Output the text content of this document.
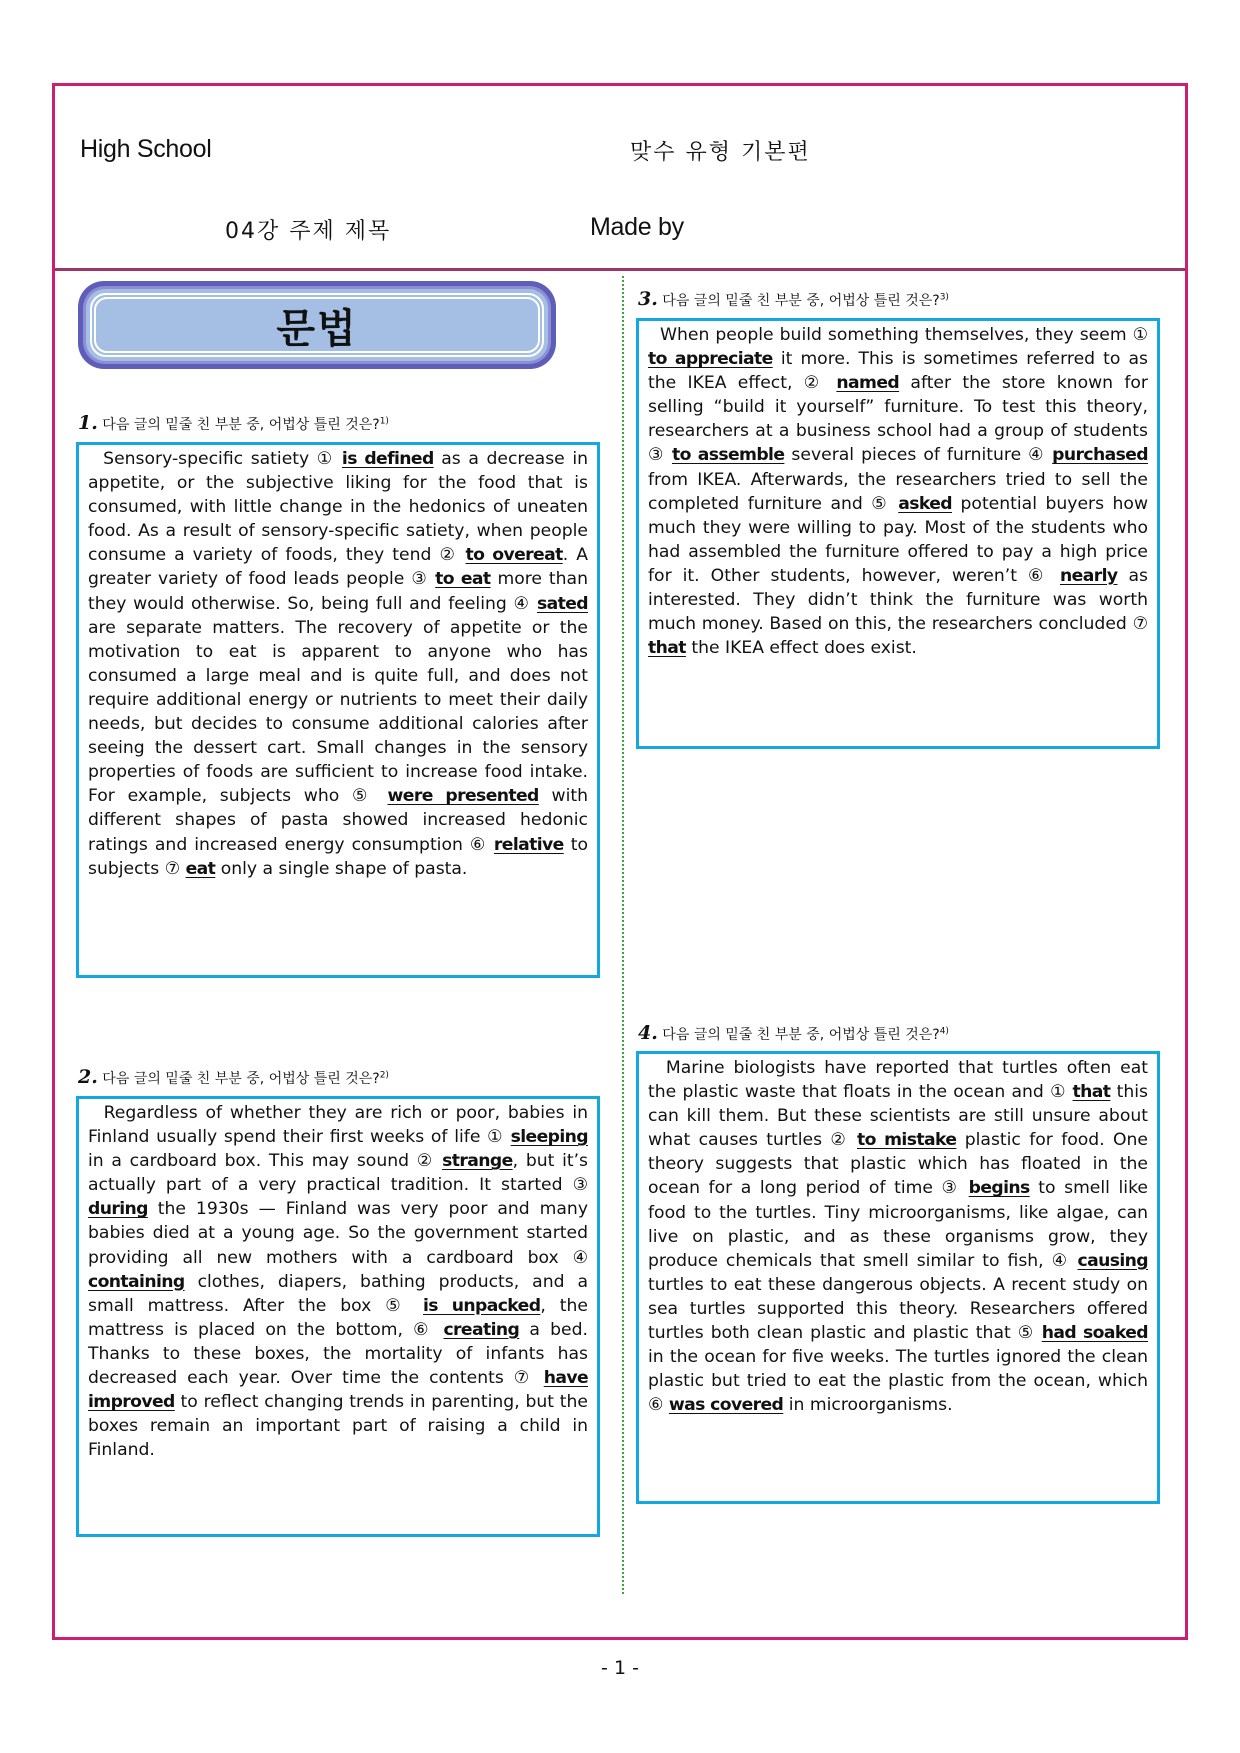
High School	맞수 유형 기본편
04강 주제 제목	Made by
문법
1. 다음 글의 밑줄 친 부분 중, 어법상 틀린 것은?$^{1)}$

Sensory-specific satiety ① is defined as a decrease in appetite, or the subjective liking for the food that is consumed, with little change in the hedonics of uneaten food. As a result of sensory-specific satiety, when people consume a variety of foods, they tend ② to overeat. A greater variety of food leads people ③ to eat more than they would otherwise. So, being full and feeling ④ sated are separate matters. The recovery of appetite or the motivation to eat is apparent to anyone who has consumed a large meal and is quite full, and does not require additional energy or nutrients to meet their daily needs, but decides to consume additional calories after seeing the dessert cart. Small changes in the sensory properties of foods are sufficient to increase food intake. For example, subjects who ⑤ were presented with different shapes of pasta showed increased hedonic ratings and increased energy consumption ⑥ relative to subjects ⑦ eat only a single shape of pasta.

2. 다음 글의 밑줄 친 부분 중, 어법상 틀린 것은?$^{2)}$

Regardless of whether they are rich or poor, babies in Finland usually spend their first weeks of life ① sleeping in a cardboard box. This may sound ② strange, but it’s actually part of a very practical tradition. It started ③ during the 1930s — Finland was very poor and many babies died at a young age. So the government started providing all new mothers with a cardboard box ④ containing clothes, diapers, bathing products, and a small mattress. After the box ⑤ is unpacked, the mattress is placed on the bottom, ⑥ creating a bed. Thanks to these boxes, the mortality of infants has decreased each year. Over time the contents ⑦ have improved to reflect changing trends in parenting, but the boxes remain an important part of raising a child in Finland.

3. 다음 글의 밑줄 친 부분 중, 어법상 틀린 것은?$^{3)}$

When people build something themselves, they seem ① to appreciate it more. This is sometimes referred to as the IKEA effect, ② named after the store known for selling “build it yourself” furniture. To test this theory, researchers at a business school had a group of students ③ to assemble several pieces of furniture ④ purchased from IKEA. Afterwards, the researchers tried to sell the completed furniture and ⑤ asked potential buyers how much they were willing to pay. Most of the students who had assembled the furniture offered to pay a high price for it. Other students, however, weren’t ⑥ nearly as interested. They didn’t think the furniture was worth much money. Based on this, the researchers concluded ⑦ that the IKEA effect does exist.

4. 다음 글의 밑줄 친 부분 중, 어법상 틀린 것은?$^{4)}$

Marine biologists have reported that turtles often eat the plastic waste that floats in the ocean and ① that this can kill them. But these scientists are still unsure about what causes turtles ② to mistake plastic for food. One theory suggests that plastic which has floated in the ocean for a long period of time ③ begins to smell like food to the turtles. Tiny microorganisms, like algae, can live on plastic, and as these organisms grow, they produce chemicals that smell similar to fish, ④ causing turtles to eat these dangerous objects. A recent study on sea turtles supported this theory. Researchers offered turtles both clean plastic and plastic that ⑤ had soaked in the ocean for five weeks. The turtles ignored the clean plastic but tried to eat the plastic from the ocean, which ⑥ was covered in microorganisms.

- 1 -
